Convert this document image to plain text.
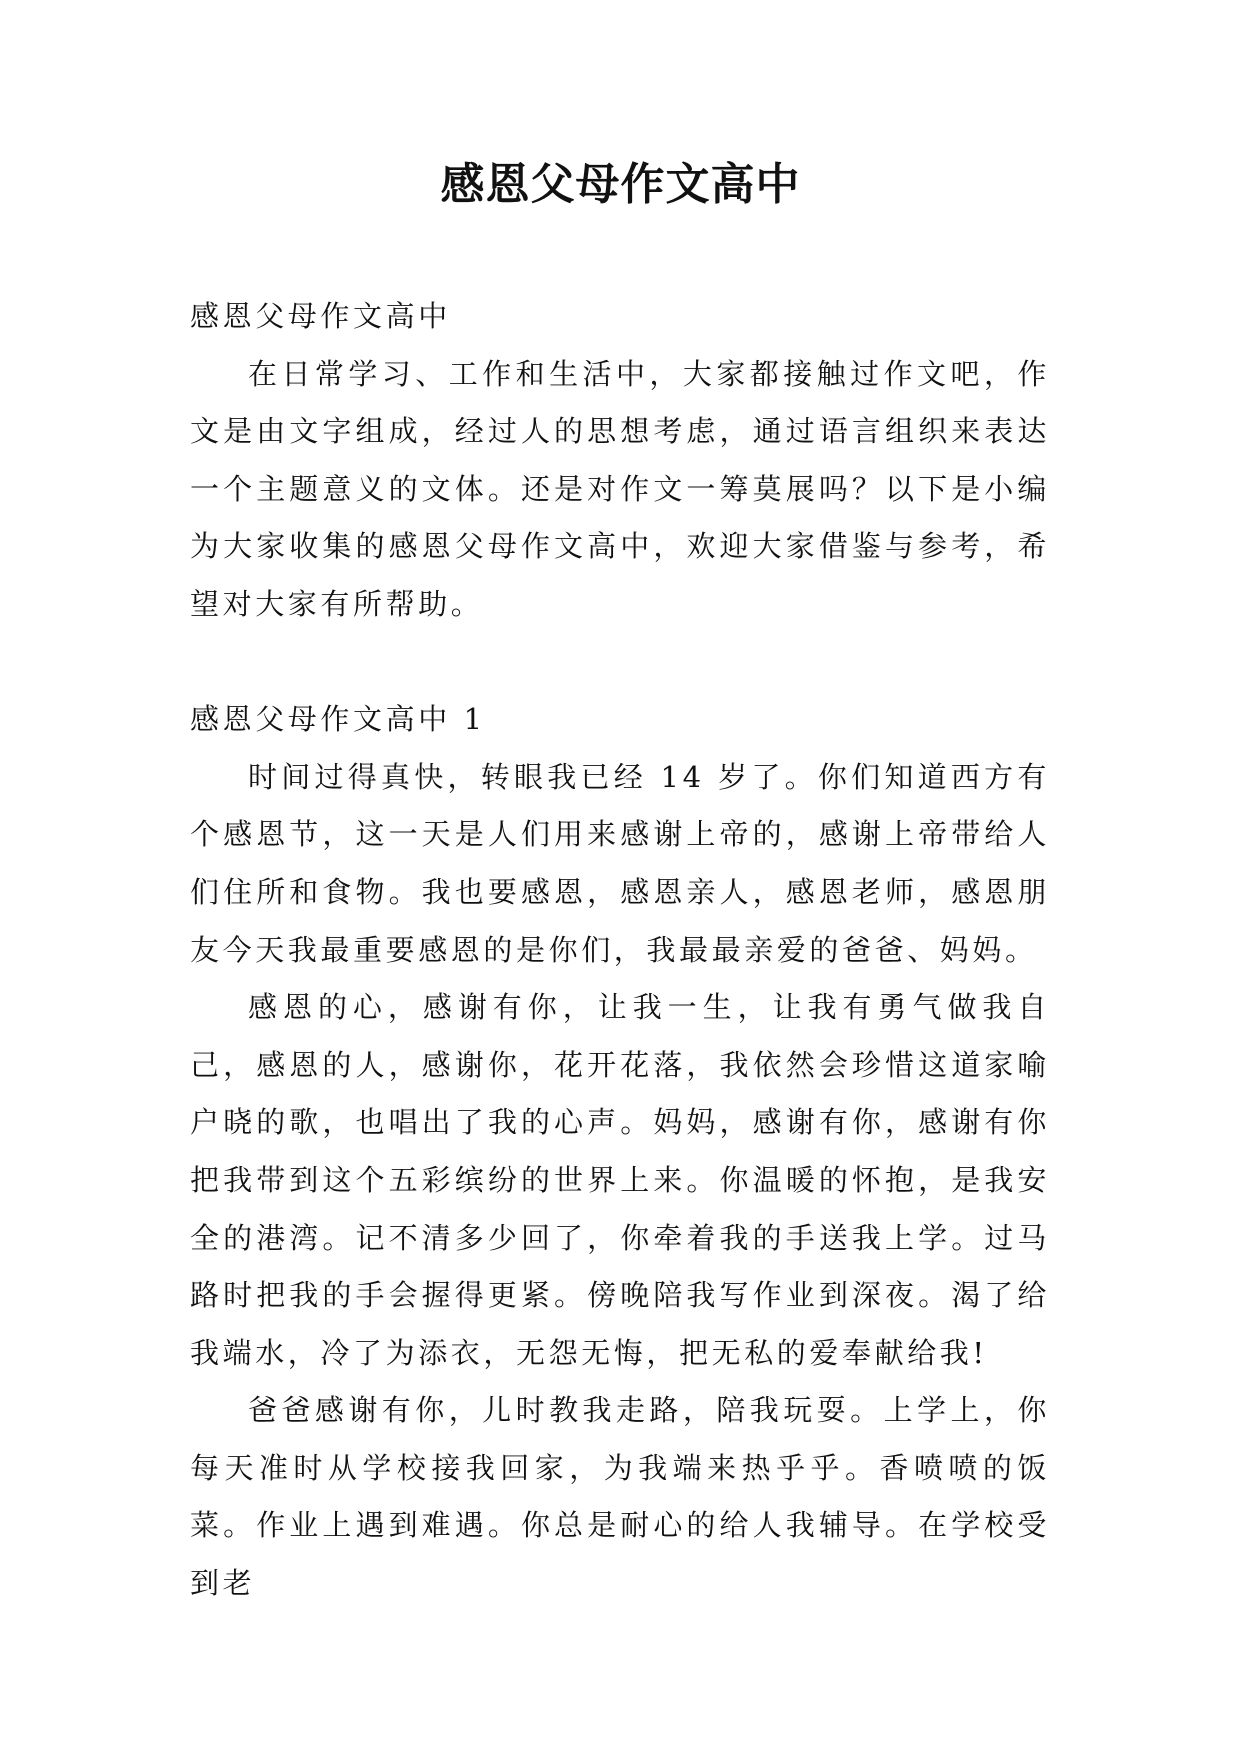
感恩父母作文高中
感恩父母作文高中

在日常学习、工作和生活中，大家都接触过作文吧，作文是由文字组成，经过人的思想考虑，通过语言组织来表达一个主题意义的文体。还是对作文一筹莫展吗？以下是小编为大家收集的感恩父母作文高中，欢迎大家借鉴与参考，希望对大家有所帮助。

感恩父母作文高中 1

时间过得真快，转眼我已经 14 岁了。你们知道西方有个感恩节，这一天是人们用来感谢上帝的，感谢上帝带给人们住所和食物。我也要感恩，感恩亲人，感恩老师，感恩朋友今天我最重要感恩的是你们，我最最亲爱的爸爸、妈妈。

感恩的心，感谢有你，让我一生，让我有勇气做我自己，感恩的人，感谢你，花开花落，我依然会珍惜这道家喻户晓的歌，也唱出了我的心声。妈妈，感谢有你，感谢有你把我带到这个五彩缤纷的世界上来。你温暖的怀抱，是我安全的港湾。记不清多少回了，你牵着我的手送我上学。过马路时把我的手会握得更紧。傍晚陪我写作业到深夜。渴了给我端水，冷了为添衣，无怨无悔，把无私的爱奉献给我!

爸爸感谢有你，儿时教我走路，陪我玩耍。上学上，你每天准时从学校接我回家，为我端来热乎乎。香喷喷的饭菜。作业上遇到难遇。你总是耐心的给人我辅导。在学校受到老
